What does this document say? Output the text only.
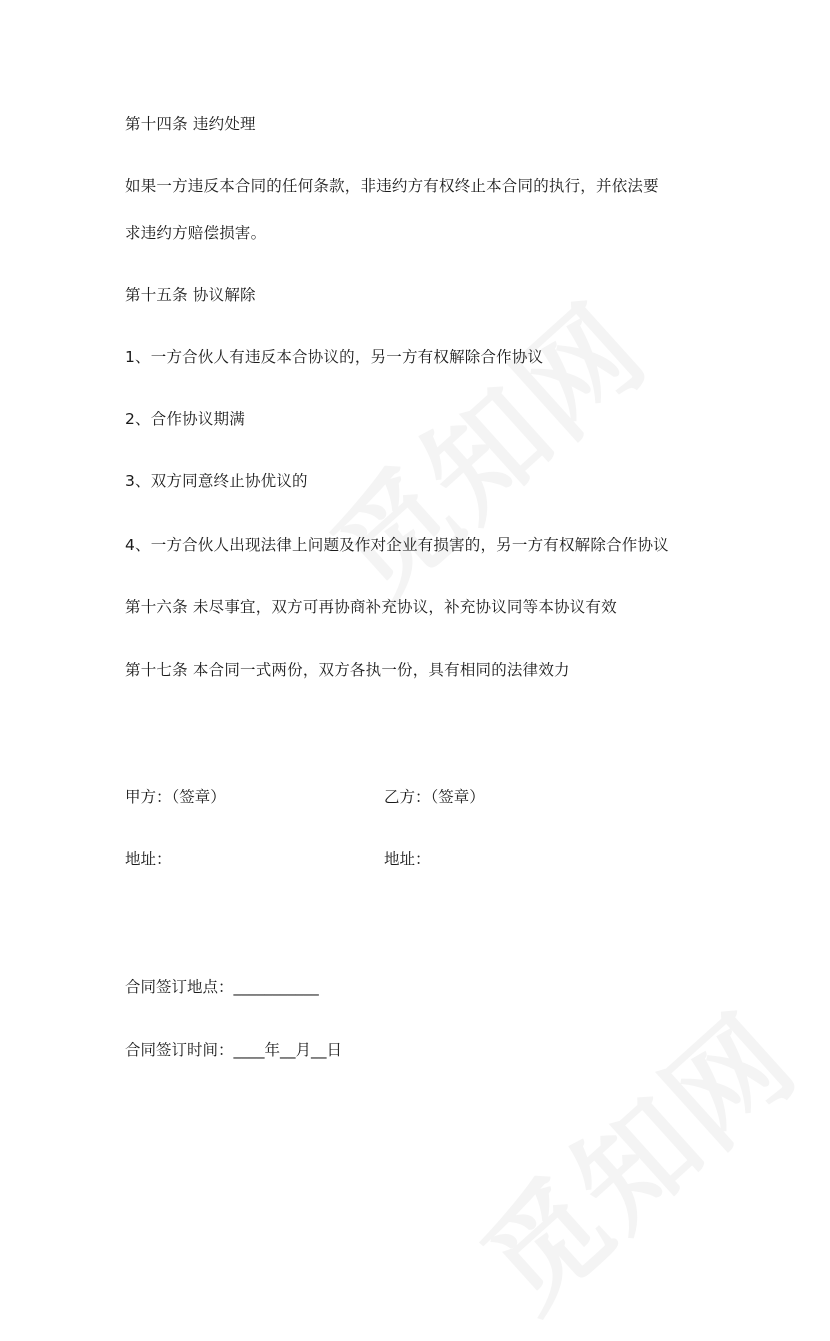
第十四条 违约处理
如果一方违反本合同的任何条款，非违约方有权终止本合同的执行，并依法要
求违约方赔偿损害。
第十五条 协议解除
1、一方合伙人有违反本合协议的，另一方有权解除合作协议
2、合作协议期满
3、双方同意终止协优议的
4、一方合伙人出现法律上问题及作对企业有损害的，另一方有权解除合作协议
第十六条 未尽事宜，双方可再协商补充协议，补充协议同等本协议有效
第十七条 本合同一式两份，双方各执一份，具有相同的法律效力
甲方：（签章）	乙方：（签章）
地址：	地址：
合同签订地点：___________
合同签订时间：____年__月__日
